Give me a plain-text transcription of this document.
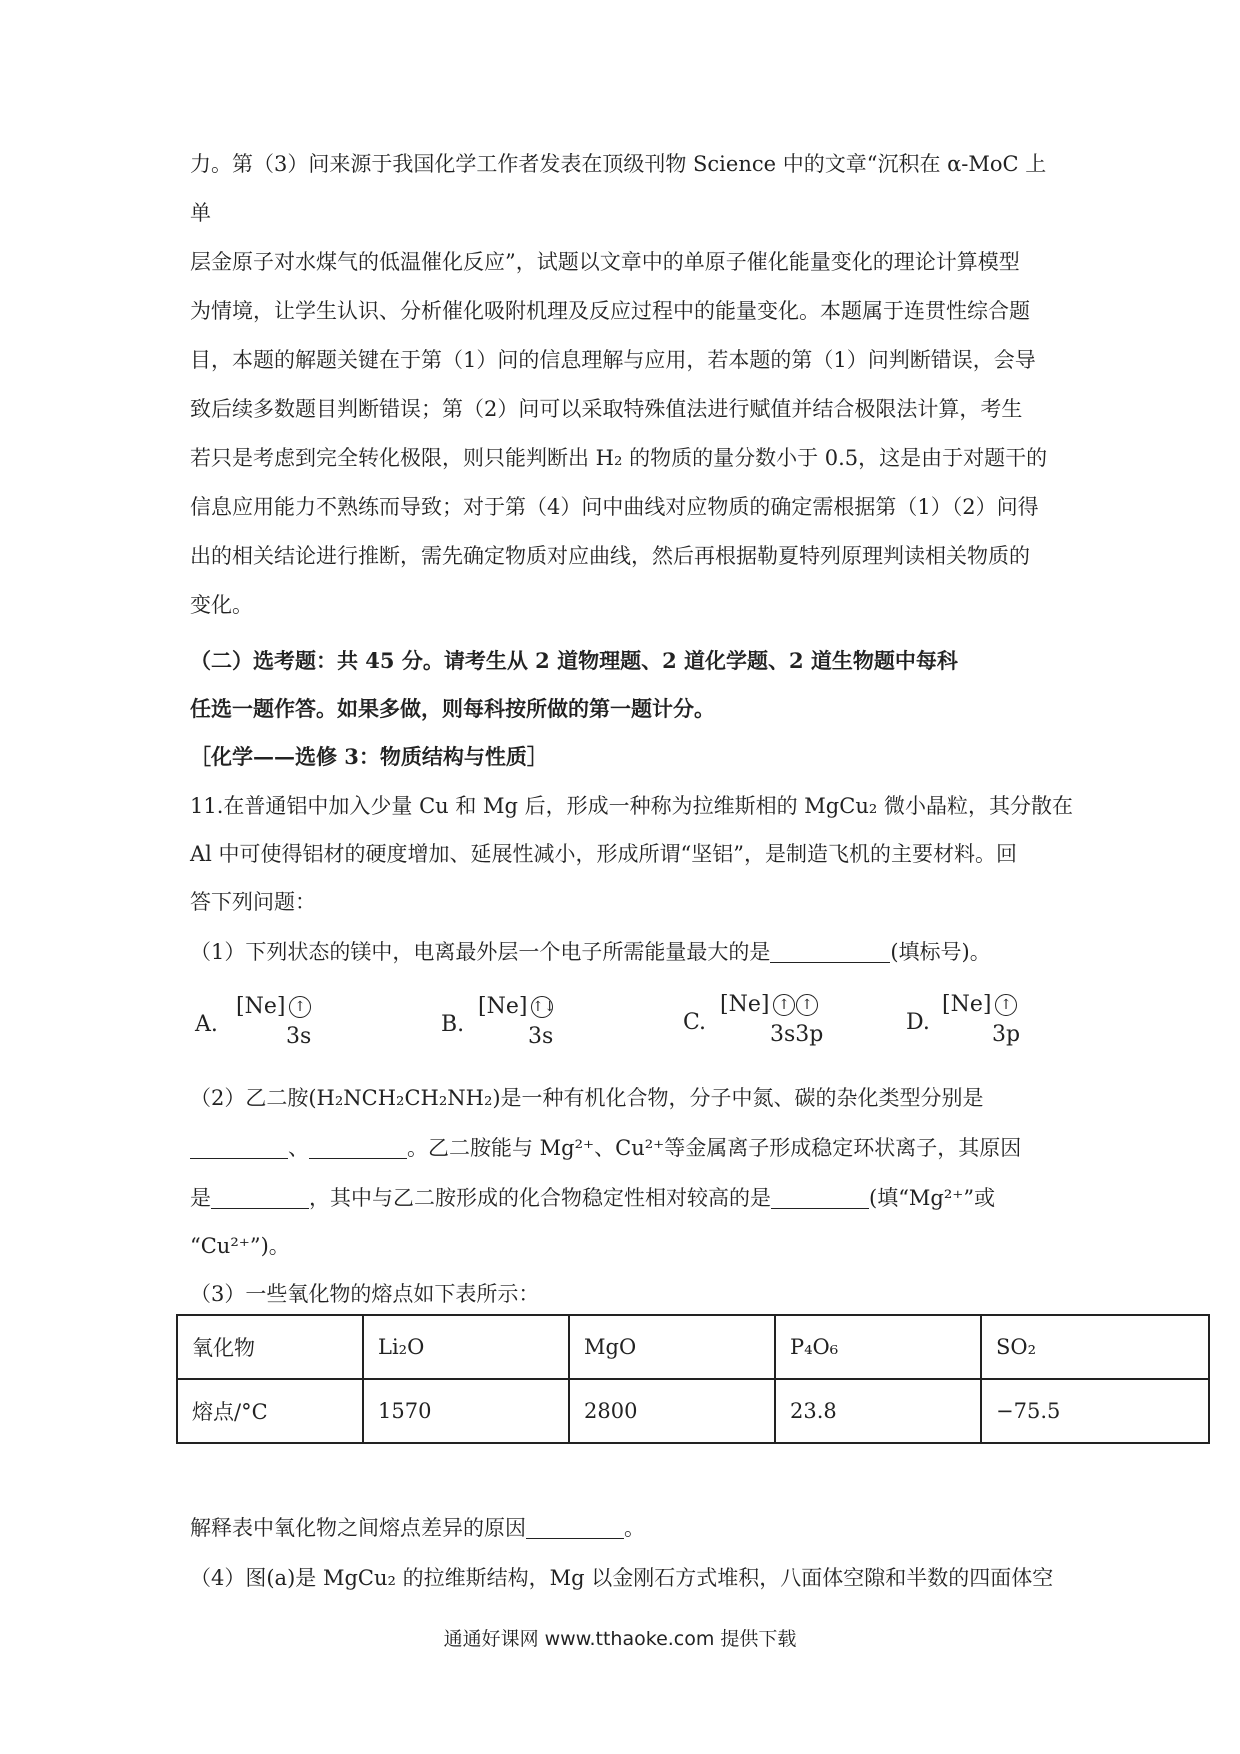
力。第（3）问来源于我国化学工作者发表在顶级刊物 Science 中的文章“沉积在 α-MoC 上单

层金原子对水煤气的低温催化反应”，试题以文章中的单原子催化能量变化的理论计算模型

为情境，让学生认识、分析催化吸附机理及反应过程中的能量变化。本题属于连贯性综合题

目，本题的解题关键在于第（1）问的信息理解与应用，若本题的第（1）问判断错误，会导

致后续多数题目判断错误；第（2）问可以采取特殊值法进行赋值并结合极限法计算，考生

若只是考虑到完全转化极限，则只能判断出 H₂ 的物质的量分数小于 0.5，这是由于对题干的

信息应用能力不熟练而导致；对于第（4）问中曲线对应物质的确定需根据第（1）（2）问得

出的相关结论进行推断，需先确定物质对应曲线，然后再根据勒夏特列原理判读相关物质的

变化。

（二）选考题：共 45 分。请考生从 2 道物理题、2 道化学题、2 道生物题中每科
任选一题作答。如果多做，则每科按所做的第一题计分。
［化学——选修 3：物质结构与性质］
11.在普通铝中加入少量 Cu 和 Mg 后，形成一种称为拉维斯相的 MgCu₂ 微小晶粒，其分散在
Al 中可使得铝材的硬度增加、延展性减小，形成所谓“坚铝”，是制造飞机的主要材料。回
答下列问题：
（1）下列状态的镁中，电离最外层一个电子所需能量最大的是	(填标号)。
A.
[Ne] ↑
3s	B.
[Ne] ↑↓
3s
C.
[Ne] ↑ ↑
3s3p	D.
[Ne] ↑
3p
（2）乙二胺(H₂NCH₂CH₂NH₂)是一种有机化合物，分子中氮、碳的杂化类型分别是
、	。乙二胺能与 Mg²⁺、Cu²⁺等金属离子形成稳定环状离子，其原因
是	，其中与乙二胺形成的化合物稳定性相对较高的是	(填“Mg²⁺”或
“Cu²⁺”)。
（3）一些氧化物的熔点如下表所示：
氧化物	Li₂O	MgO	P₄O₆	SO₂
熔点/°C	1570	2800	23.8	−75.5
解释表中氧化物之间熔点差异的原因	。
（4）图(a)是 MgCu₂ 的拉维斯结构，Mg 以金刚石方式堆积，八面体空隙和半数的四面体空
通通好课网 www.tthaoke.com 提供下载
